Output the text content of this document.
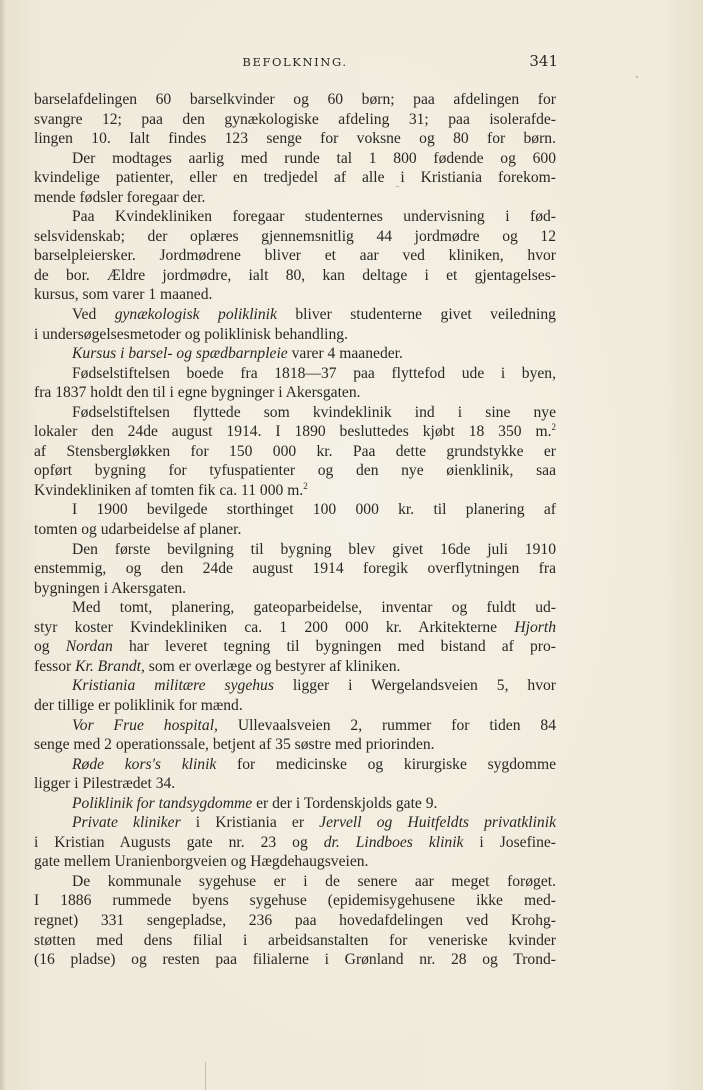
BEFOLKNING.	341
barselafdelingen 60 barselkvinder og 60 børn; paa afdelingen for
svangre 12; paa den gynækologiske afdeling 31; paa isolerafde-
lingen 10. Ialt findes 123 senge for voksne og 80 for børn.
Der modtages aarlig med runde tal 1 800 fødende og 600
kvindelige patienter, eller en tredjedel af alle i Kristiania forekom-
mende fødsler foregaar der.
Paa Kvindekliniken foregaar studenternes undervisning i fød-
selsvidenskab; der oplæres gjennemsnitlig 44 jordmødre og 12
barselpleiersker. Jordmødrene bliver et aar ved kliniken, hvor
de bor. Ældre jordmødre, ialt 80, kan deltage i et gjentagelses-
kursus, som varer 1 maaned.
Ved gynækologisk poliklinik bliver studenterne givet veiledning
i undersøgelsesmetoder og poliklinisk behandling.
Kursus i barsel- og spædbarnpleie varer 4 maaneder.
Fødselstiftelsen boede fra 1818—37 paa flyttefod ude i byen,
fra 1837 holdt den til i egne bygninger i Akersgaten.
Fødselstiftelsen flyttede som kvindeklinik ind i sine nye
lokaler den 24de august 1914. I 1890 besluttedes kjøbt 18 350 m.$^2$
af Stensbergløkken for 150 000 kr. Paa dette grundstykke er
opført bygning for tyfuspatienter og den nye øienklinik, saa
Kvindekliniken af tomten fik ca. 11 000 m.$^2$
I 1900 bevilgede storthinget 100 000 kr. til planering af
tomten og udarbeidelse af planer.
Den første bevilgning til bygning blev givet 16de juli 1910
enstemmig, og den 24de august 1914 foregik overflytningen fra
bygningen i Akersgaten.
Med tomt, planering, gateoparbeidelse, inventar og fuldt ud-
styr koster Kvindekliniken ca. 1 200 000 kr. Arkitekterne Hjorth
og Nordan har leveret tegning til bygningen med bistand af pro-
fessor Kr. Brandt, som er overlæge og bestyrer af kliniken.
Kristiania militære sygehus ligger i Wergelandsveien 5, hvor
der tillige er poliklinik for mænd.
Vor Frue hospital, Ullevaalsveien 2, rummer for tiden 84
senge med 2 operationssale, betjent af 35 søstre med priorinden.
Røde kors's klinik for medicinske og kirurgiske sygdomme
ligger i Pilestrædet 34.
Poliklinik for tandsygdomme er der i Tordenskjolds gate 9.
Private kliniker i Kristiania er Jervell og Huitfeldts privatklinik
i Kristian Augusts gate nr. 23 og dr. Lindboes klinik i Josefine-
gate mellem Uranienborgveien og Hægdehaugsveien.
De kommunale sygehuse er i de senere aar meget forøget.
I 1886 rummede byens sygehuse (epidemisygehusene ikke med-
regnet) 331 sengepladse, 236 paa hovedafdelingen ved Krohg-
støtten med dens filial i arbeidsanstalten for veneriske kvinder
(16 pladse) og resten paa filialerne i Grønland nr. 28 og Trond-
